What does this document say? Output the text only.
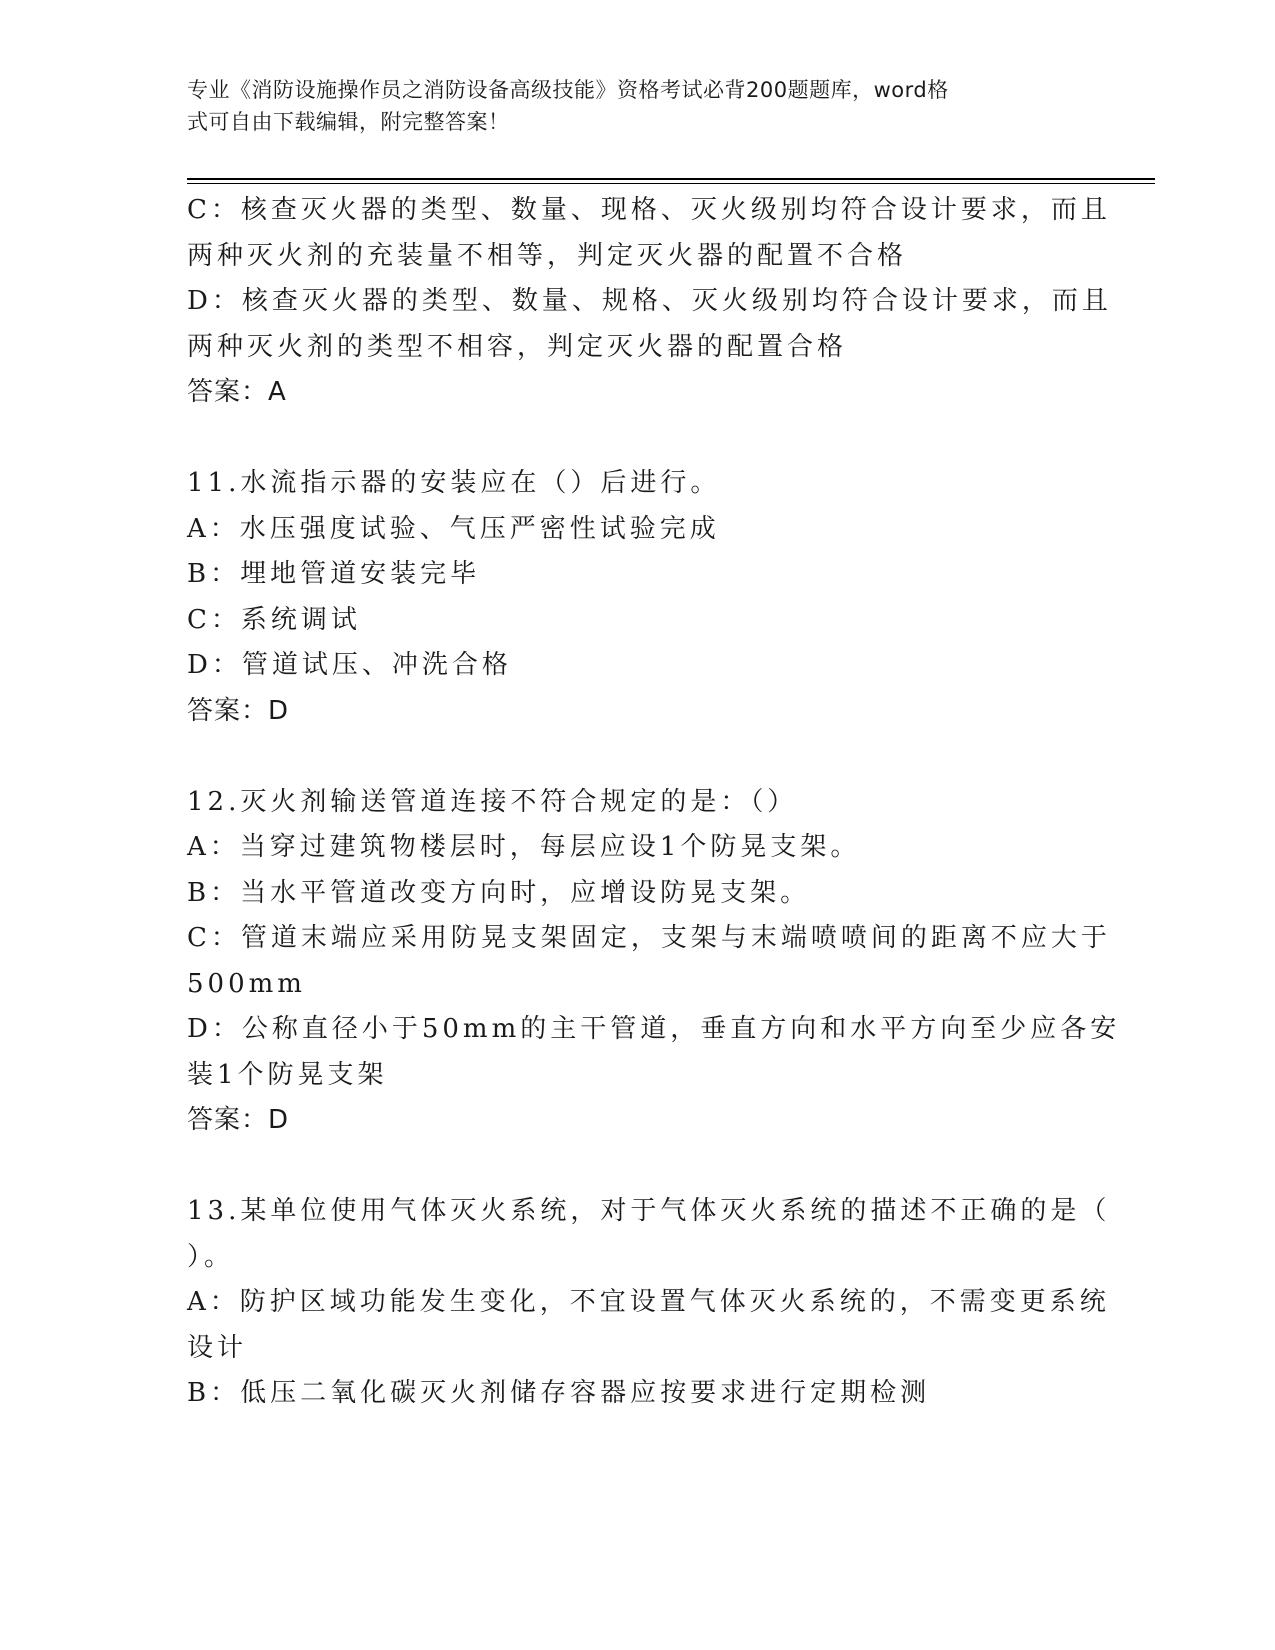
专业《消防设施操作员之消防设备高级技能》资格考试必背200题题库，word格
式可自由下载编辑，附完整答案！
C：核查灭火器的类型、数量、现格、灭火级别均符合设计要求，而且
两种灭火剂的充装量不相等，判定灭火器的配置不合格
D：核查灭火器的类型、数量、规格、灭火级别均符合设计要求，而且
两种灭火剂的类型不相容，判定灭火器的配置合格
答案：A
11.水流指示器的安装应在（）后进行。
A：水压强度试验、气压严密性试验完成
B：埋地管道安装完毕
C：系统调试
D：管道试压、冲洗合格
答案：D
12.灭火剂输送管道连接不符合规定的是：（）
A：当穿过建筑物楼层时，每层应设1个防晃支架。
B：当水平管道改变方向时，应增设防晃支架。
C：管道末端应采用防晃支架固定，支架与末端喷喷间的距离不应大于
500mm
D：公称直径小于50mm的主干管道，垂直方向和水平方向至少应各安
装1个防晃支架
答案：D
13.某单位使用气体灭火系统，对于气体灭火系统的描述不正确的是（
）。
A：防护区域功能发生变化，不宜设置气体灭火系统的，不需变更系统
设计
B：低压二氧化碳灭火剂储存容器应按要求进行定期检测
